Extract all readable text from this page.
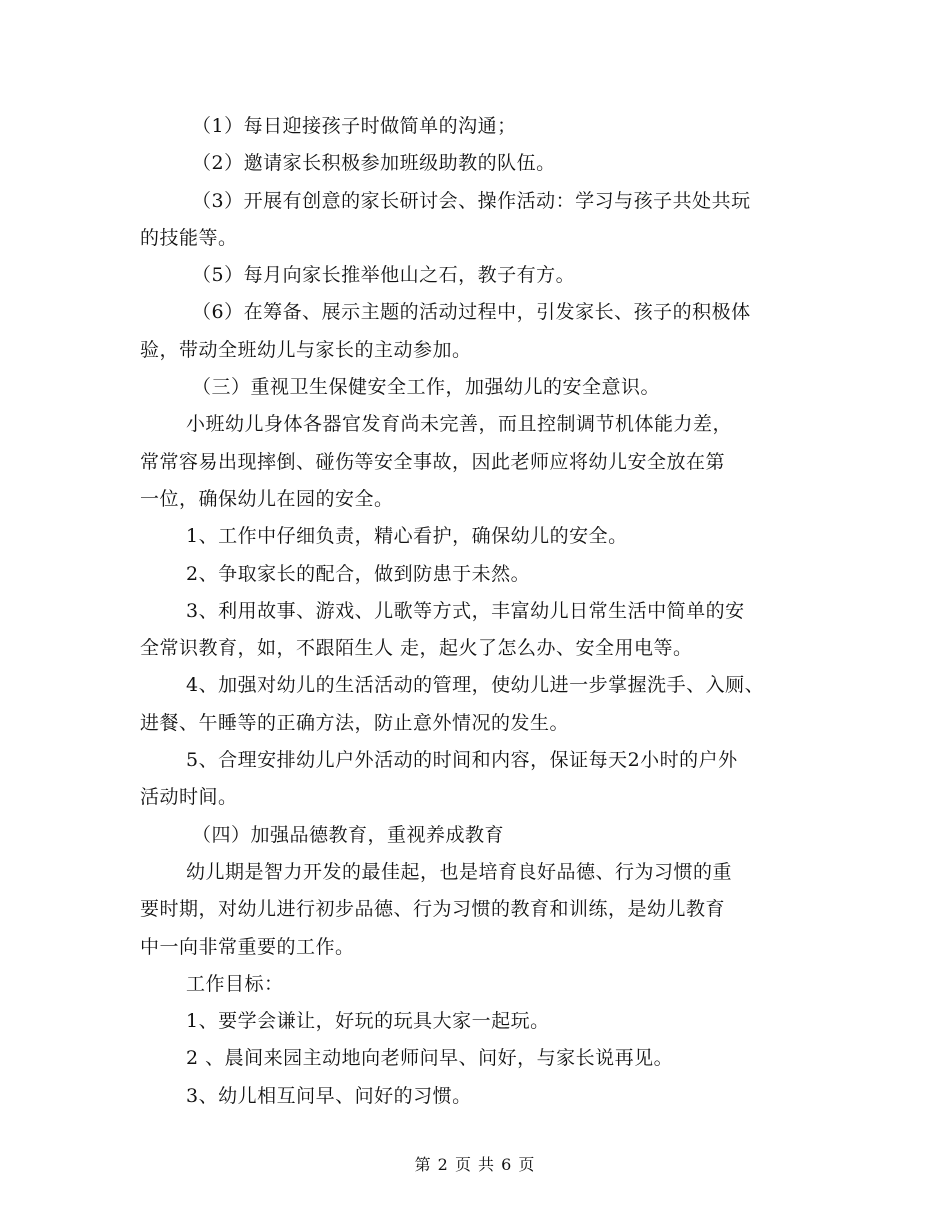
（1）每日迎接孩子时做简单的沟通；
（2）邀请家长积极参加班级助教的队伍。
（3）开展有创意的家长研讨会、操作活动：学习与孩子共处共玩
的技能等。
（5）每月向家长推举他山之石，教子有方。
（6）在筹备、展示主题的活动过程中，引发家长、孩子的积极体
验，带动全班幼儿与家长的主动参加。
（三）重视卫生保健安全工作，加强幼儿的安全意识。
小班幼儿身体各器官发育尚未完善，而且控制调节机体能力差，
常常容易出现摔倒、碰伤等安全事故，因此老师应将幼儿安全放在第
一位，确保幼儿在园的安全。
1、工作中仔细负责，精心看护，确保幼儿的安全。
2、争取家长的配合，做到防患于未然。
3、利用故事、游戏、儿歌等方式，丰富幼儿日常生活中简单的安
全常识教育，如，不跟陌生人 走，起火了怎么办、安全用电等。
4、加强对幼儿的生活活动的管理，使幼儿进一步掌握洗手、入厕、
进餐、午睡等的正确方法，防止意外情况的发生。
5、合理安排幼儿户外活动的时间和内容，保证每天2小时的户外
活动时间。
（四）加强品德教育，重视养成教育
幼儿期是智力开发的最佳起，也是培育良好品德、行为习惯的重
要时期，对幼儿进行初步品德、行为习惯的教育和训练，是幼儿教育
中一向非常重要的工作。
工作目标：
1、要学会谦让，好玩的玩具大家一起玩。
2 、晨间来园主动地向老师问早、问好，与家长说再见。
3、幼儿相互问早、问好的习惯。
第 2 页 共 6 页
